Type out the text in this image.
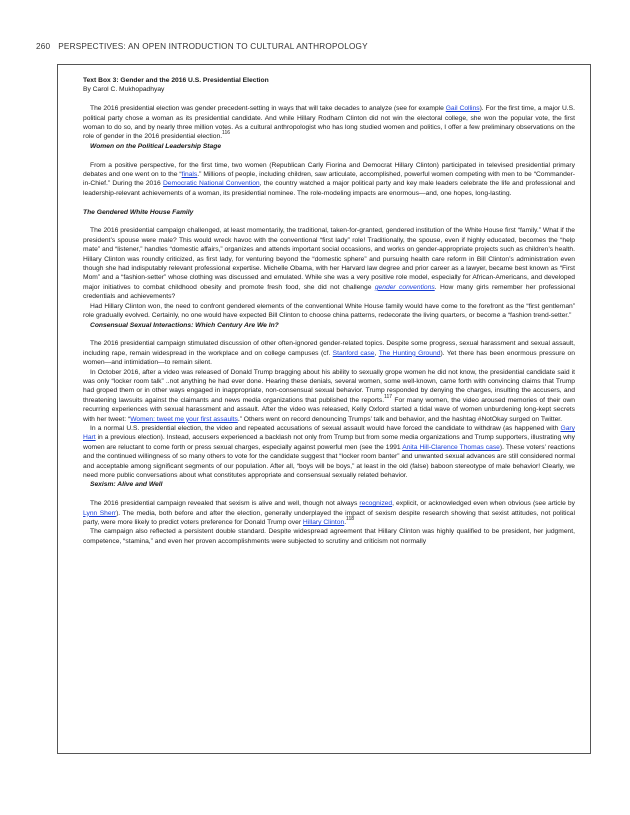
260 PERSPECTIVES: AN OPEN INTRODUCTION TO CULTURAL ANTHROPOLOGY

Text Box 3: Gender and the 2016 U.S. Presidential Election

By Carol C. Mukhopadhyay

The 2016 presidential election was gender precedent-setting in ways that will take decades to analyze (see for example Gail Collins). For the first time, a major U.S. political party chose a woman as its presidential candidate. And while Hillary Rodham Clinton did not win the electoral college, she won the popular vote, the first woman to do so, and by nearly three million votes. As a cultural anthropologist who has long studied women and politics, I offer a few preliminary observations on the role of gender in the 2016 presidential election.$^{116}$

Women on the Political Leadership Stage

From a positive perspective, for the first time, two women (Republican Carly Fiorina and Democrat Hillary Clinton) participated in televised presidential primary debates and one went on to the “finals.” Millions of people, including children, saw articulate, accomplished, powerful women competing with men to be “Commander-in-Chief.” During the 2016 Democratic National Convention, the country watched a major political party and key male leaders celebrate the life and professional and leadership-relevant achievements of a woman, its presidential nominee. The role-modeling impacts are enormous—and, one hopes, long-lasting.

The Gendered White House Family

The 2016 presidential campaign challenged, at least momentarily, the traditional, taken-for-granted, gendered institution of the White House first “family.” What if the president’s spouse were male? This would wreck havoc with the conventional “first lady” role! Traditionally, the spouse, even if highly educated, becomes the “help mate” and “listener,” handles “domestic affairs,” organizes and attends important social occasions, and works on gender-appropriate projects such as children’s health. Hillary Clinton was roundly criticized, as first lady, for venturing beyond the “domestic sphere” and pursuing health care reform in Bill Clinton’s administration even though she had indisputably relevant professional expertise. Michelle Obama, with her Harvard law degree and prior career as a lawyer, became best known as “First Mom” and a “fashion-setter” whose clothing was discussed and emulated. While she was a very positive role model, especially for African-Americans, and developed major initiatives to combat childhood obesity and promote fresh food, she did not challenge gender conventions. How many girls remember her professional credentials and achievements?

Had Hillary Clinton won, the need to confront gendered elements of the conventional White House family would have come to the forefront as the “first gentleman” role gradually evolved. Certainly, no one would have expected Bill Clinton to choose china patterns, redecorate the living quarters, or become a “fashion trend-setter.”

Consensual Sexual Interactions: Which Century Are We In?

The 2016 presidential campaign stimulated discussion of other often-ignored gender-related topics. Despite some progress, sexual harassment and sexual assault, including rape, remain widespread in the workplace and on college campuses (cf. Stanford case, The Hunting Ground). Yet there has been enormous pressure on women—and intimidation—to remain silent.

In October 2016, after a video was released of Donald Trump bragging about his ability to sexually grope women he did not know, the presidential candidate said it was only “locker room talk” ..not anything he had ever done. Hearing these denials, several women, some well-known, came forth with convincing claims that Trump had groped them or in other ways engaged in inappropriate, non-consensual sexual behavior. Trump responded by denying the charges, insulting the accusers, and threatening lawsuits against the claimants and news media organizations that published the reports.$^{117}$ For many women, the video aroused memories of their own recurring experiences with sexual harassment and assault. After the video was released, Kelly Oxford started a tidal wave of women unburdening long-kept secrets with her tweet: “Women: tweet me your first assaults.” Others went on record denouncing Trumps’ talk and behavior, and the hashtag #NotOkay surged on Twitter.

In a normal U.S. presidential election, the video and repeated accusations of sexual assault would have forced the candidate to withdraw (as happened with Gary Hart in a previous election). Instead, accusers experienced a backlash not only from Trump but from some media organizations and Trump supporters, illustrating why women are reluctant to come forth or press sexual charges, especially against powerful men (see the 1991 Anita Hill-Clarence Thomas case). These voters’ reactions and the continued willingness of so many others to vote for the candidate suggest that “locker room banter” and unwanted sexual advances are still considered normal and acceptable among significant segments of our population. After all, “boys will be boys,” at least in the old (false) baboon stereotype of male behavior! Clearly, we need more public conversations about what constitutes appropriate and consensual sexually related behavior.

Sexism: Alive and Well

The 2016 presidential campaign revealed that sexism is alive and well, though not always recognized, explicit, or acknowledged even when obvious (see article by Lynn Sherr). The media, both before and after the election, generally underplayed the impact of sexism despite research showing that sexist attitudes, not political party, were more likely to predict voters preference for Donald Trump over Hillary Clinton.$^{118}$

The campaign also reflected a persistent double standard. Despite widespread agreement that Hillary Clinton was highly qualified to be president, her judgment, competence, “stamina,” and even her proven accomplishments were subjected to scrutiny and criticism not normally
